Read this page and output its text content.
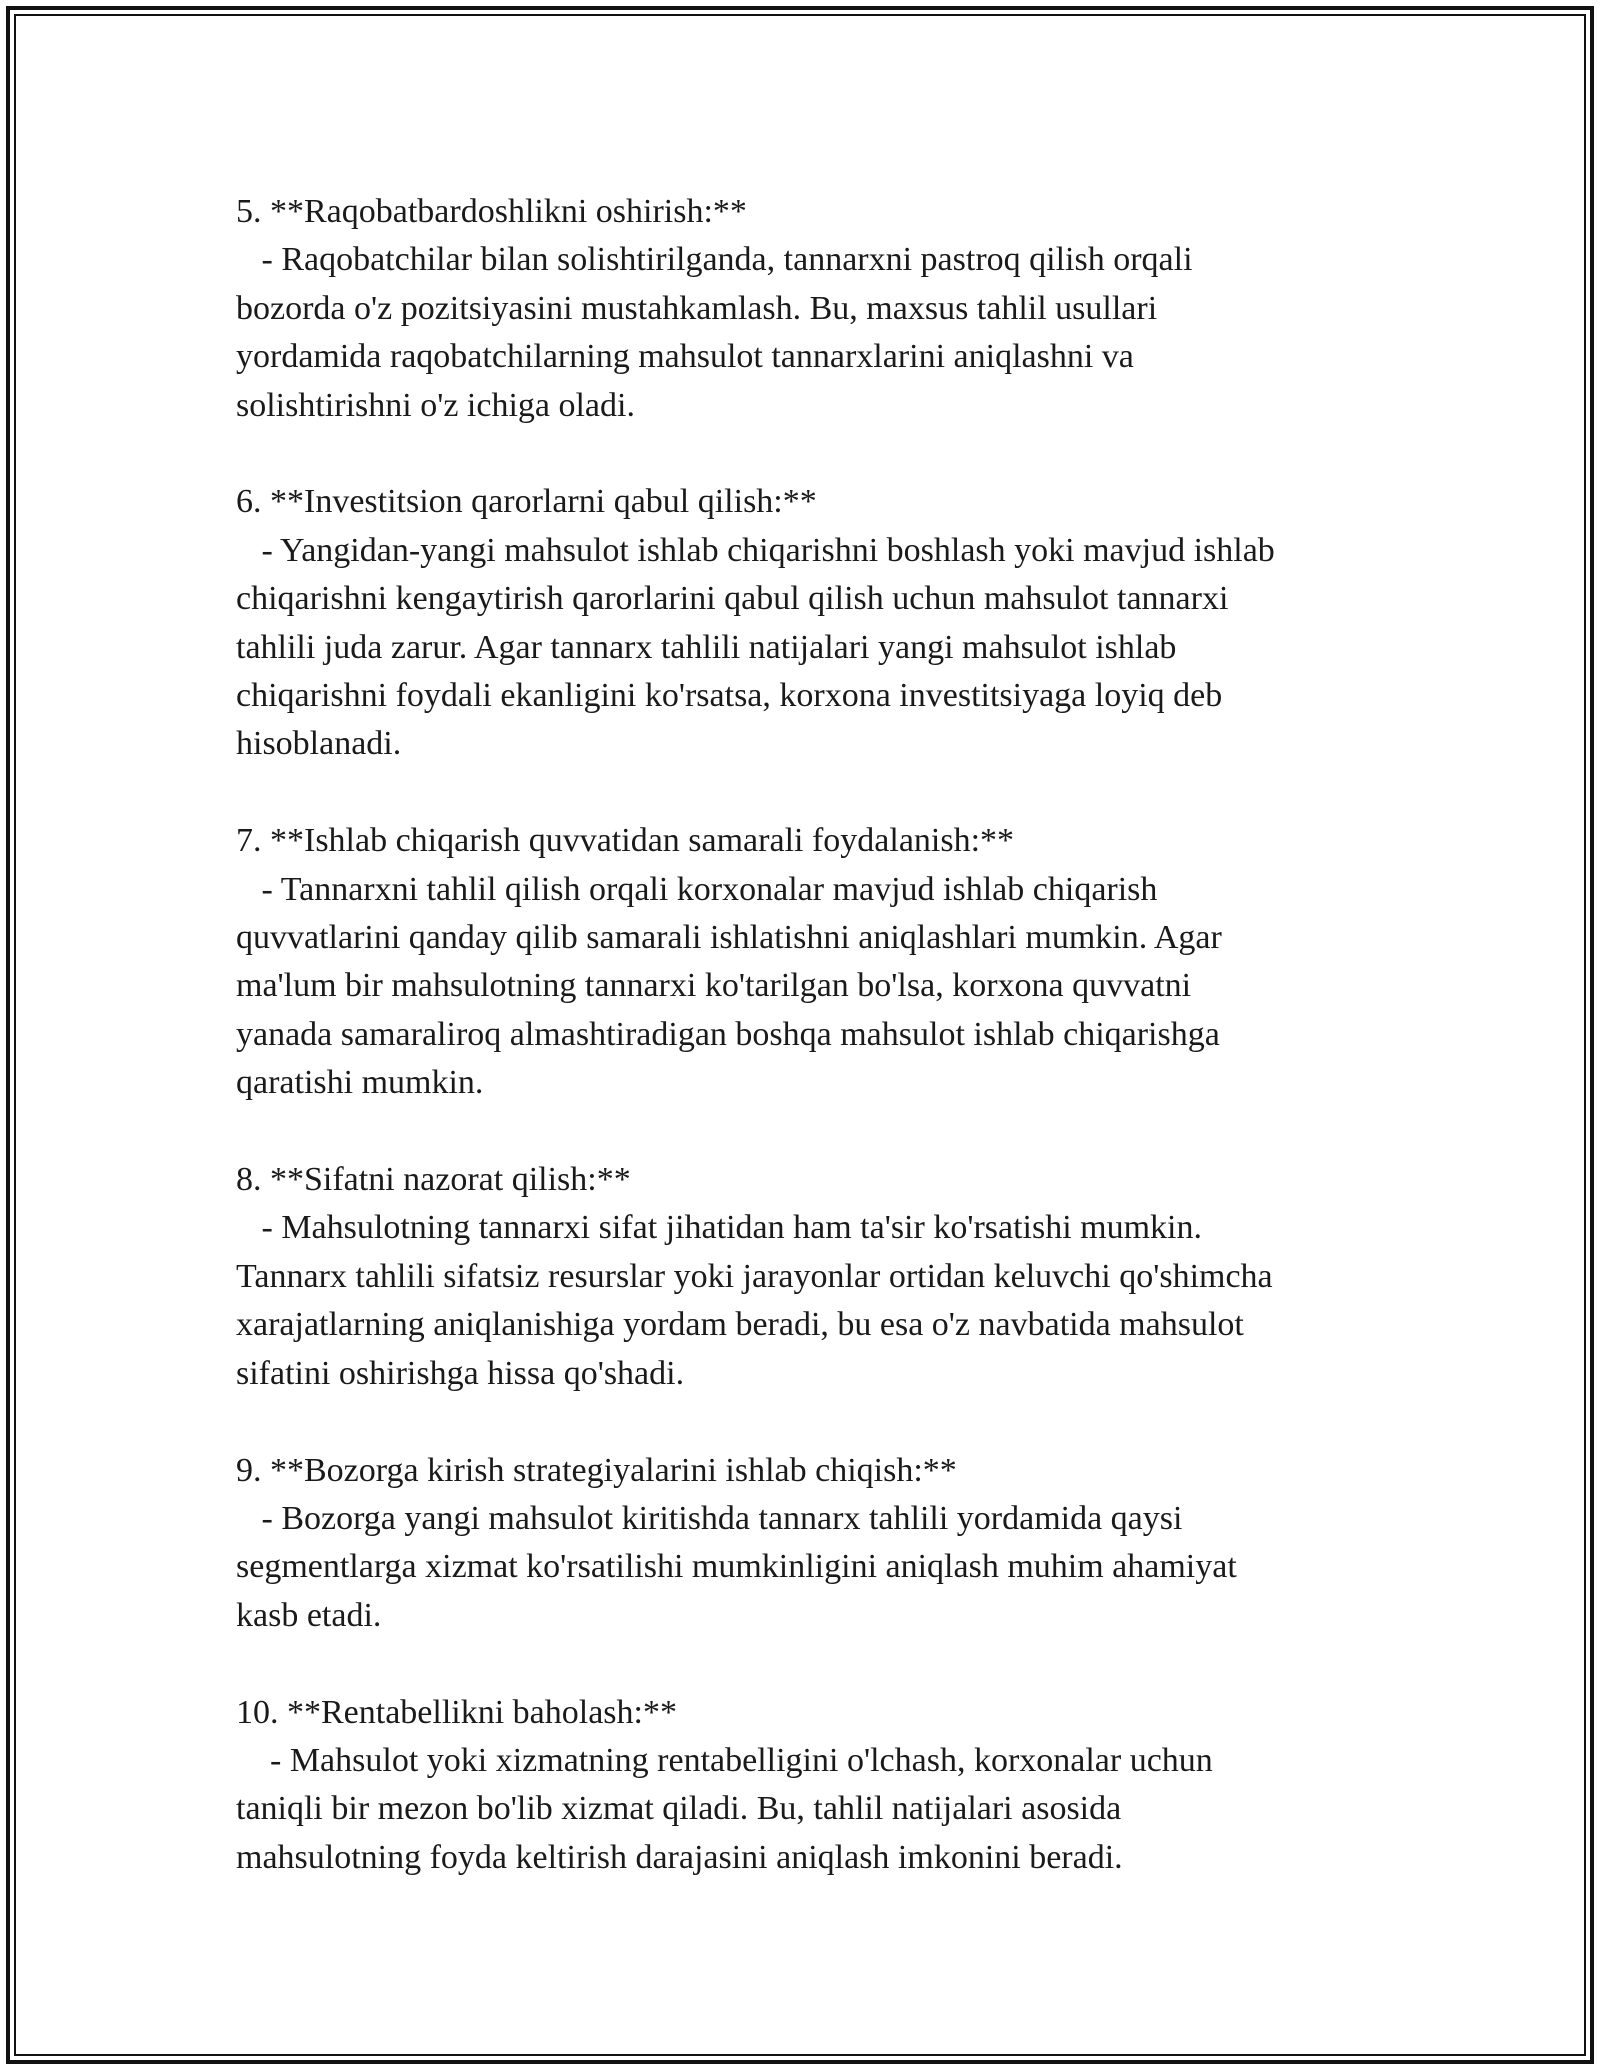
5. **Raqobatbardoshlikni oshirish:**
- Raqobatchilar bilan solishtirilganda, tannarxni pastroq qilish orqali
bozorda o'z pozitsiyasini mustahkamlash. Bu, maxsus tahlil usullari
yordamida raqobatchilarning mahsulot tannarxlarini aniqlashni va
solishtirishni o'z ichiga oladi.
6. **Investitsion qarorlarni qabul qilish:**
- Yangidan-yangi mahsulot ishlab chiqarishni boshlash yoki mavjud ishlab
chiqarishni kengaytirish qarorlarini qabul qilish uchun mahsulot tannarxi
tahlili juda zarur. Agar tannarx tahlili natijalari yangi mahsulot ishlab
chiqarishni foydali ekanligini ko'rsatsa, korxona investitsiyaga loyiq deb
hisoblanadi.
7. **Ishlab chiqarish quvvatidan samarali foydalanish:**
- Tannarxni tahlil qilish orqali korxonalar mavjud ishlab chiqarish
quvvatlarini qanday qilib samarali ishlatishni aniqlashlari mumkin. Agar
ma'lum bir mahsulotning tannarxi ko'tarilgan bo'lsa, korxona quvvatni
yanada samaraliroq almashtiradigan boshqa mahsulot ishlab chiqarishga
qaratishi mumkin.
8. **Sifatni nazorat qilish:**
- Mahsulotning tannarxi sifat jihatidan ham ta'sir ko'rsatishi mumkin.
Tannarx tahlili sifatsiz resurslar yoki jarayonlar ortidan keluvchi qo'shimcha
xarajatlarning aniqlanishiga yordam beradi, bu esa o'z navbatida mahsulot
sifatini oshirishga hissa qo'shadi.
9. **Bozorga kirish strategiyalarini ishlab chiqish:**
- Bozorga yangi mahsulot kiritishda tannarx tahlili yordamida qaysi
segmentlarga xizmat ko'rsatilishi mumkinligini aniqlash muhim ahamiyat
kasb etadi.
10. **Rentabellikni baholash:**
- Mahsulot yoki xizmatning rentabelligini o'lchash, korxonalar uchun
taniqli bir mezon bo'lib xizmat qiladi. Bu, tahlil natijalari asosida
mahsulotning foyda keltirish darajasini aniqlash imkonini beradi.
